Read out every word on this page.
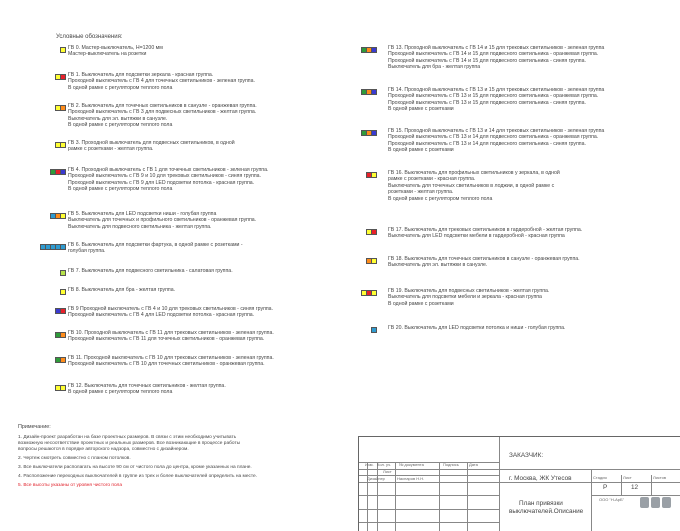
Условные обозначения:
ГВ 0. Мастер-выключатель, Н=1200 мм
Мастер-выключатель на розетки
ГВ 1. Выключатель для подсветки зеркала - красная группа.
Проходной выключатель с ГВ 4 для точечных светильников - зеленая группа.
В одной рамке с регулятором теплого пола
ГВ 2. Выключатель для точечных светильников в санузле - оранжевая группа.
Проходной выключатель с ГВ 3 для подвесных светильников - желтая группа.
Выключатель для эл. вытяжки в санузле.
В одной рамке с регулятором теплого пола
ГВ 3. Проходной выключатель для подвесных светильников, в одной
рамке с розетками - желтая группа.
ГВ 4. Проходной выключатель с ГВ 1 для точечных светильников - зеленая группа.
Проходной выключатель с ГВ 9 и 10 для трековых светильников - синяя группа.
Проходной выключатель с ГВ 9 для LED подсветки потолка - красная группа.
В одной рамке с регулятором теплого пола
ГВ 5. Выключатель для LED подсветки ниши - голубая группа
Выключатель для точечных и профильного светильников - оранжевая группа.
Выключатель для подвесного светильника - желтая группа.
ГВ 6. Выключатель для подсветки фартука, в одной рамке с розетками -
голубая группа.
ГВ 7. Выключатель для подвесного светильника - салатовая группа.
ГВ 8. Выключатель для бра - желтая группа.
ГВ 9 Проходной выключатель с ГВ 4 и 10 для трековых светильников - синяя группа.
Проходной выключатель с ГВ 4 для LED подсветки потолка - красная группа.
ГВ 10. Проходной выключатель с ГВ 11 для трековых светильников - зеленая группа.
Проходной выключатель с ГВ 11 для точечных светильников - оранжевая группа.
ГВ 11. Проходной выключатель с ГВ 10 для трековых светильников - зеленая группа.
Проходной выключатель с ГВ 10 для точечных светильников - оранжевая группа.
ГВ 12. Выключатель для точечных светильников - желтая группа.
В одной рамке с регулятором теплого пола
ГВ 13. Проходной выключатель с ГВ 14 и 15 для трековых светильников - зеленая группа
Проходной выключатель с ГВ 14 и 15 для подвесного светильника - оранжевая группа.
Проходной выключатель с ГВ 14 и 15 для подвесного светильника - синяя группа.
Выключатель для бра - желтая группа
ГВ 14. Проходной выключатель с ГВ 13 и 15 для трековых светильников - зеленая группа
Проходной выключатель с ГВ 13 и 15 для подвесного светильника - оранжевая группа.
Проходной выключатель с ГВ 13 и 15 для подвесного светильника - синяя группа.
В одной рамке с розетками
ГВ 15. Проходной выключатель с ГВ 13 и 14 для трековых светильников - зеленая группа
Проходной выключатель с ГВ 13 и 14 для подвесного светильника - оранжевая группа.
Проходной выключатель с ГВ 13 и 14 для подвесного светильника - синяя группа.
В одной рамке с розетками
ГВ 16. Выключатель для профильных светильников у зеркала, в одной
рамке с розетками - красная группа.
Выключатель для точечных светильников в лоджии, в одной рамке с
розетками - желтая группа.
В одной рамке с регулятором теплого пола
ГВ 17. Выключатель для трековых светильников в гардеробной - желтая группа.
Выключатель для LED подсветки мебели в гардеробной - красная группа
ГВ 18. Выключатель для точечных светильников в санузле - оранжевая группа.
Выключатель для эл. вытяжки в санузле.
ГВ 19. Выключатель для подвесных светильников - желтая группа.
Выключатель для подсветки мебели и зеркала - красная группа
В одной рамке с розетками
ГВ 20. Выключатель для LED подсветки потолка и ниши - голубая группа.
Примечание:

1. Дизайн-проект разработан на базе проектных размеров. В связи с этим необходимо учитывать
возможную несоответствие проектных и реальных размеров. Все возникающие в процессе работы
вопросы решаются в порядке авторского надзора, совместно с дизайнером.

2. Чертеж смотреть совместно с планом потолков.

3. Все выключатели располагать на высоте 90 см от чистого пола до центра, кроме указанных на плане.

4. Расположение переходных выключателей в группе из трех и более выключателей определить на месте.

5. Все высоты указаны от уровня чистого пола

Изм. Кол. уч.
Лист
№ документа	Подпись	Дата
Дизайнер	Наснаров Н.Н.
ЗАКАЗЧИК:
г. Москва, ЖК Утесов
План привязки
выключателей.Описание
Стадия	Лист	Листов
Р	12
ООО "Н-АрБ"
